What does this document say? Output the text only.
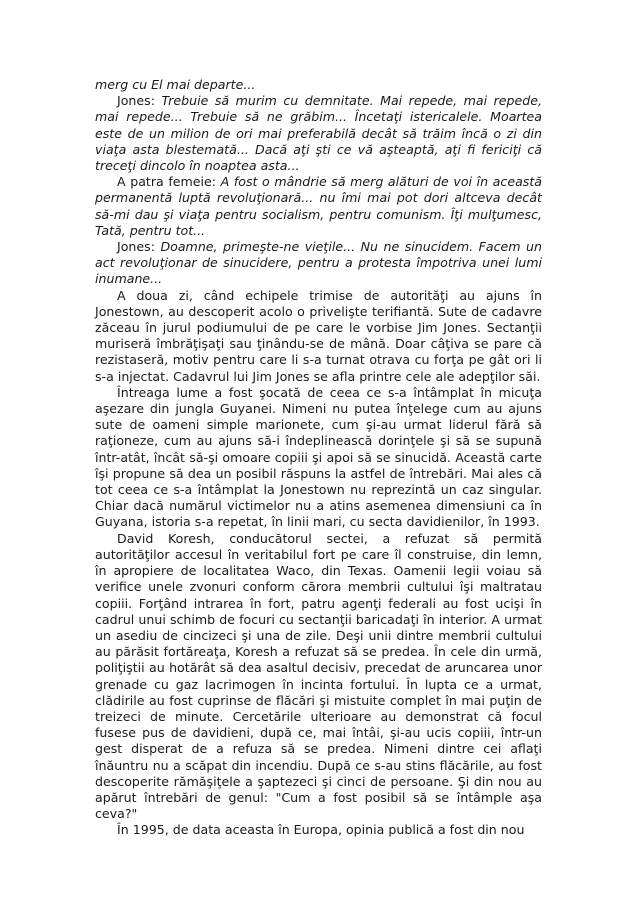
merg cu El mai departe...

Jones: Trebuie să murim cu demnitate. Mai repede, mai repede, mai repede... Trebuie să ne grăbim... Încetaţi istericalele. Moartea este de un milion de ori mai preferabilă decât să trăim încă o zi din viaţa asta blestemată... Dacă aţi şti ce vă aşteaptă, aţi fi fericiţi că treceţi dincolo în noaptea asta...

A patra femeie: A fost o mândrie să merg alături de voi în această permanentă luptă revoluţionară... nu îmi mai pot dori altceva decât să-mi dau şi viaţa pentru socialism, pentru comunism. Îţi mulţumesc, Tată, pentru tot...

Jones: Doamne, primeşte-ne vieţile... Nu ne sinucidem. Facem un act revoluţionar de sinucidere, pentru a protesta împotriva unei lumi inumane...

A doua zi, când echipele trimise de autorităţi au ajuns în Jonestown, au descoperit acolo o privelişte terifiantă. Sute de cadavre zăceau în jurul podiumului de pe care le vorbise Jim Jones. Sectanţii muriseră îmbrăţişaţi sau ţinându-se de mână. Doar câţiva se pare că rezistaseră, motiv pentru care li s-a turnat otrava cu forţa pe gât ori li s-a injectat. Cadavrul lui Jim Jones se afla printre cele ale adepţilor săi.

Întreaga lume a fost şocată de ceea ce s-a întâmplat în micuţa aşezare din jungla Guyanei. Nimeni nu putea înţelege cum au ajuns sute de oameni simple marionete, cum şi-au urmat liderul fără să raţioneze, cum au ajuns să-i îndeplinească dorinţele şi să se supună într-atât, încât să-şi omoare copiii şi apoi să se sinucidă. Această carte îşi propune să dea un posibil răspuns la astfel de întrebări. Mai ales că tot ceea ce s-a întâmplat la Jonestown nu reprezintă un caz singular. Chiar dacă numărul victimelor nu a atins asemenea dimensiuni ca în Guyana, istoria s-a repetat, în linii mari, cu secta davidienilor, în 1993.

David Koresh, conducătorul sectei, a refuzat să permită autorităţilor accesul în veritabilul fort pe care îl construise, din lemn, în apropiere de localitatea Waco, din Texas. Oamenii legii voiau să verifice unele zvonuri conform cărora membrii cultului îşi maltratau copiii. Forţând intrarea în fort, patru agenţi federali au fost ucişi în cadrul unui schimb de focuri cu sectanţii baricadaţi în interior. A urmat un asediu de cincizeci şi una de zile. Deşi unii dintre membrii cultului au părăsit fortăreaţa, Koresh a refuzat să se predea. În cele din urmă, poliţiştii au hotărât să dea asaltul decisiv, precedat de aruncarea unor grenade cu gaz lacrimogen în incinta fortului. În lupta ce a urmat, clădirile au fost cuprinse de flăcări şi mistuite complet în mai puţin de treizeci de minute. Cercetările ulterioare au demonstrat că focul fusese pus de davidieni, după ce, mai întâi, şi-au ucis copiii, într-un gest disperat de a refuza să se predea. Nimeni dintre cei aflaţi înăuntru nu a scăpat din incendiu. După ce s-au stins flăcările, au fost descoperite rămăşiţele a şaptezeci şi cinci de persoane. Şi din nou au apărut întrebări de genul: "Cum a fost posibil să se întâmple aşa ceva?"

În 1995, de data aceasta în Europa, opinia publică a fost din nou
